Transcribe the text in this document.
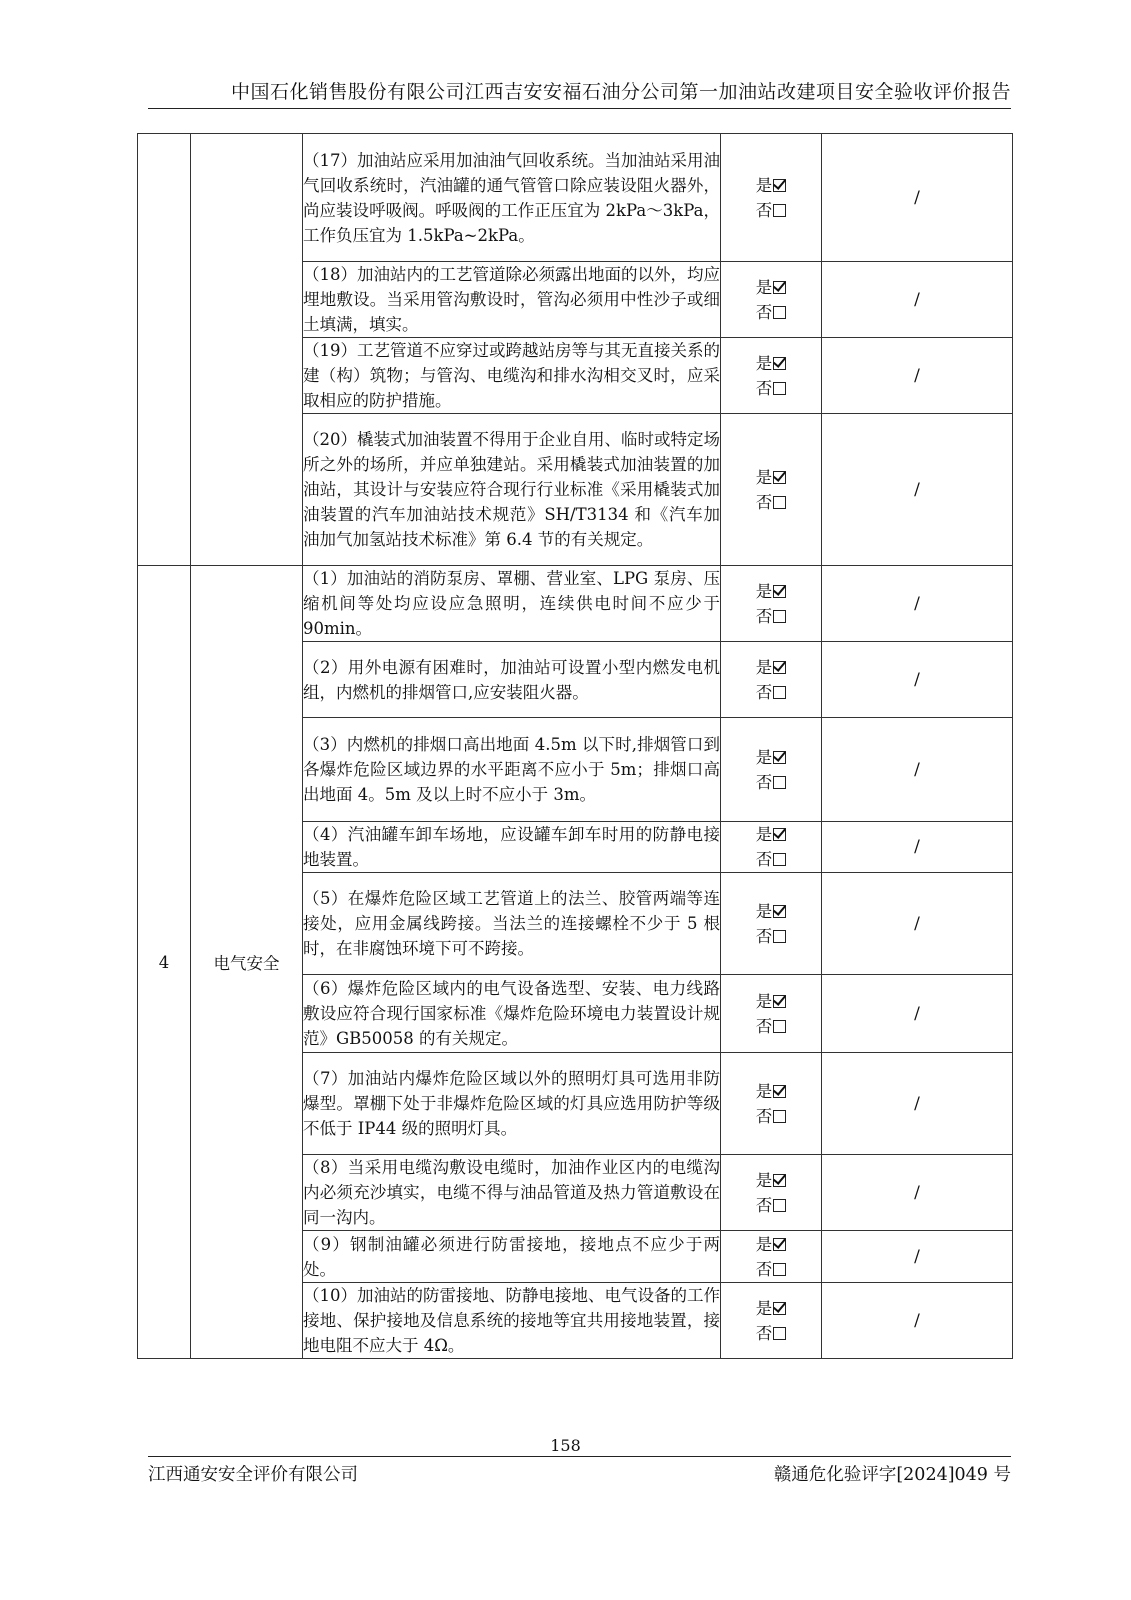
中国石化销售股份有限公司江西吉安安福石油分公司第一加油站改建项目安全验收评价报告
		（17）加油站应采用加油油气回收系统。当加油站采用油气回收系统时，汽油罐的通气管管口除应装设阻火器外，尚应装设呼吸阀。呼吸阀的工作正压宜为 2kPa～3kPa，工作负压宜为 1.5kPa~2kPa。	是
否	/
		（18）加油站内的工艺管道除必须露出地面的以外，均应埋地敷设。当采用管沟敷设时，管沟必须用中性沙子或细土填满，填实。	是
否	/
		（19）工艺管道不应穿过或跨越站房等与其无直接关系的建（构）筑物；与管沟、电缆沟和排水沟相交叉时，应采取相应的防护措施。	是
否	/
		（20）橇装式加油装置不得用于企业自用、临时或特定场所之外的场所，并应单独建站。采用橇装式加油装置的加油站，其设计与安装应符合现行行业标准《采用橇装式加油装置的汽车加油站技术规范》SH/T3134 和《汽车加油加气加氢站技术标准》第 6.4 节的有关规定。	是
否	/
4	电气安全	（1）加油站的消防泵房、罩棚、营业室、LPG 泵房、压缩机间等处均应设应急照明，连续供电时间不应少于 90min。	是
否	/
		（2）用外电源有困难时，加油站可设置小型内燃发电机组，内燃机的排烟管口,应安装阻火器。	是
否	/
		（3）内燃机的排烟口高出地面 4.5m 以下时,排烟管口到各爆炸危险区域边界的水平距离不应小于 5m；排烟口高出地面 4。5m 及以上时不应小于 3m。	是
否	/
		（4）汽油罐车卸车场地，应设罐车卸车时用的防静电接地装置。	是
否	/
		（5）在爆炸危险区域工艺管道上的法兰、胶管两端等连接处，应用金属线跨接。当法兰的连接螺栓不少于 5 根时，在非腐蚀环境下可不跨接。	是
否	/
		（6）爆炸危险区域内的电气设备选型、安装、电力线路敷设应符合现行国家标准《爆炸危险环境电力装置设计规范》GB50058 的有关规定。	是
否	/
		（7）加油站内爆炸危险区域以外的照明灯具可选用非防爆型。罩棚下处于非爆炸危险区域的灯具应选用防护等级不低于 IP44 级的照明灯具。	是
否	/
		（8）当采用电缆沟敷设电缆时，加油作业区内的电缆沟内必须充沙填实，电缆不得与油品管道及热力管道敷设在同一沟内。	是
否	/
		（9）钢制油罐必须进行防雷接地，接地点不应少于两处。	是
否	/
		（10）加油站的防雷接地、防静电接地、电气设备的工作接地、保护接地及信息系统的接地等宜共用接地装置，接地电阻不应大于 4Ω。	是
否	/
158
江西通安安全评价有限公司	赣通危化验评字[2024]049 号
